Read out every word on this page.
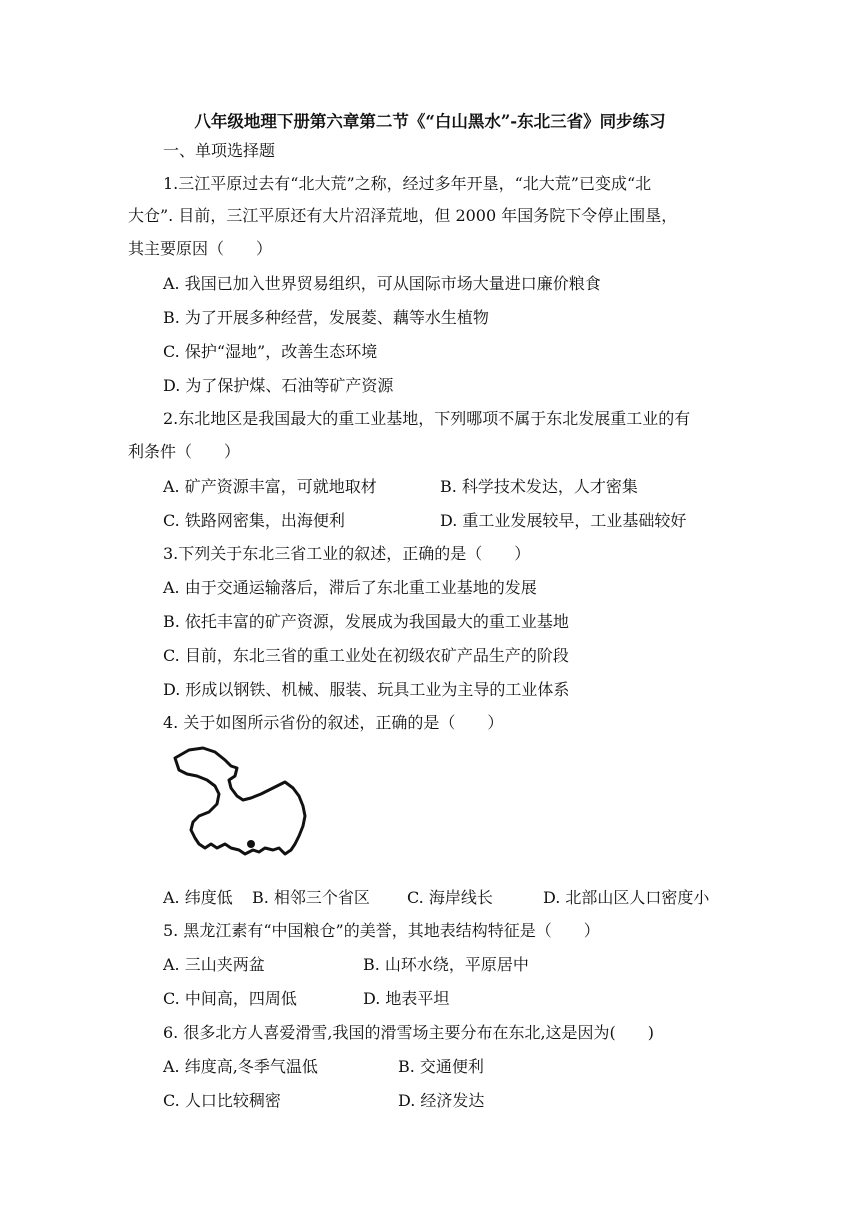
八年级地理下册第六章第二节《“白山黑水”-东北三省》同步练习
一、单项选择题
1.三江平原过去有“北大荒”之称，经过多年开垦，“北大荒”已变成“北
大仓”. 目前，三江平原还有大片沼泽荒地，但 2000 年国务院下令停止围垦，
其主要原因（　　）
A. 我国已加入世界贸易组织，可从国际市场大量进口廉价粮食
B. 为了开展多种经营，发展菱、藕等水生植物
C. 保护“湿地”，改善生态环境
D. 为了保护煤、石油等矿产资源
2.东北地区是我国最大的重工业基地，下列哪项不属于东北发展重工业的有
利条件（　　）
A. 矿产资源丰富，可就地取材	B. 科学技术发达，人才密集
C. 铁路网密集，出海便利	D. 重工业发展较早，工业基础较好
3.下列关于东北三省工业的叙述，正确的是（　　）
A. 由于交通运输落后，滞后了东北重工业基地的发展
B. 依托丰富的矿产资源，发展成为我国最大的重工业基地
C. 目前，东北三省的重工业处在初级农矿产品生产的阶段
D. 形成以钢铁、机械、服装、玩具工业为主导的工业体系
4. 关于如图所示省份的叙述，正确的是（　　）
A. 纬度低 B. 相邻三个省区 C. 海岸线长	D. 北部山区人口密度小
5. 黑龙江素有“中国粮仓”的美誉，其地表结构特征是（　　）
A. 三山夹两盆	B. 山环水绕，平原居中
C. 中间高，四周低	D. 地表平坦
6. 很多北方人喜爱滑雪,我国的滑雪场主要分布在东北,这是因为(　　)
A. 纬度高,冬季气温低	B. 交通便利
C. 人口比较稠密	D. 经济发达
